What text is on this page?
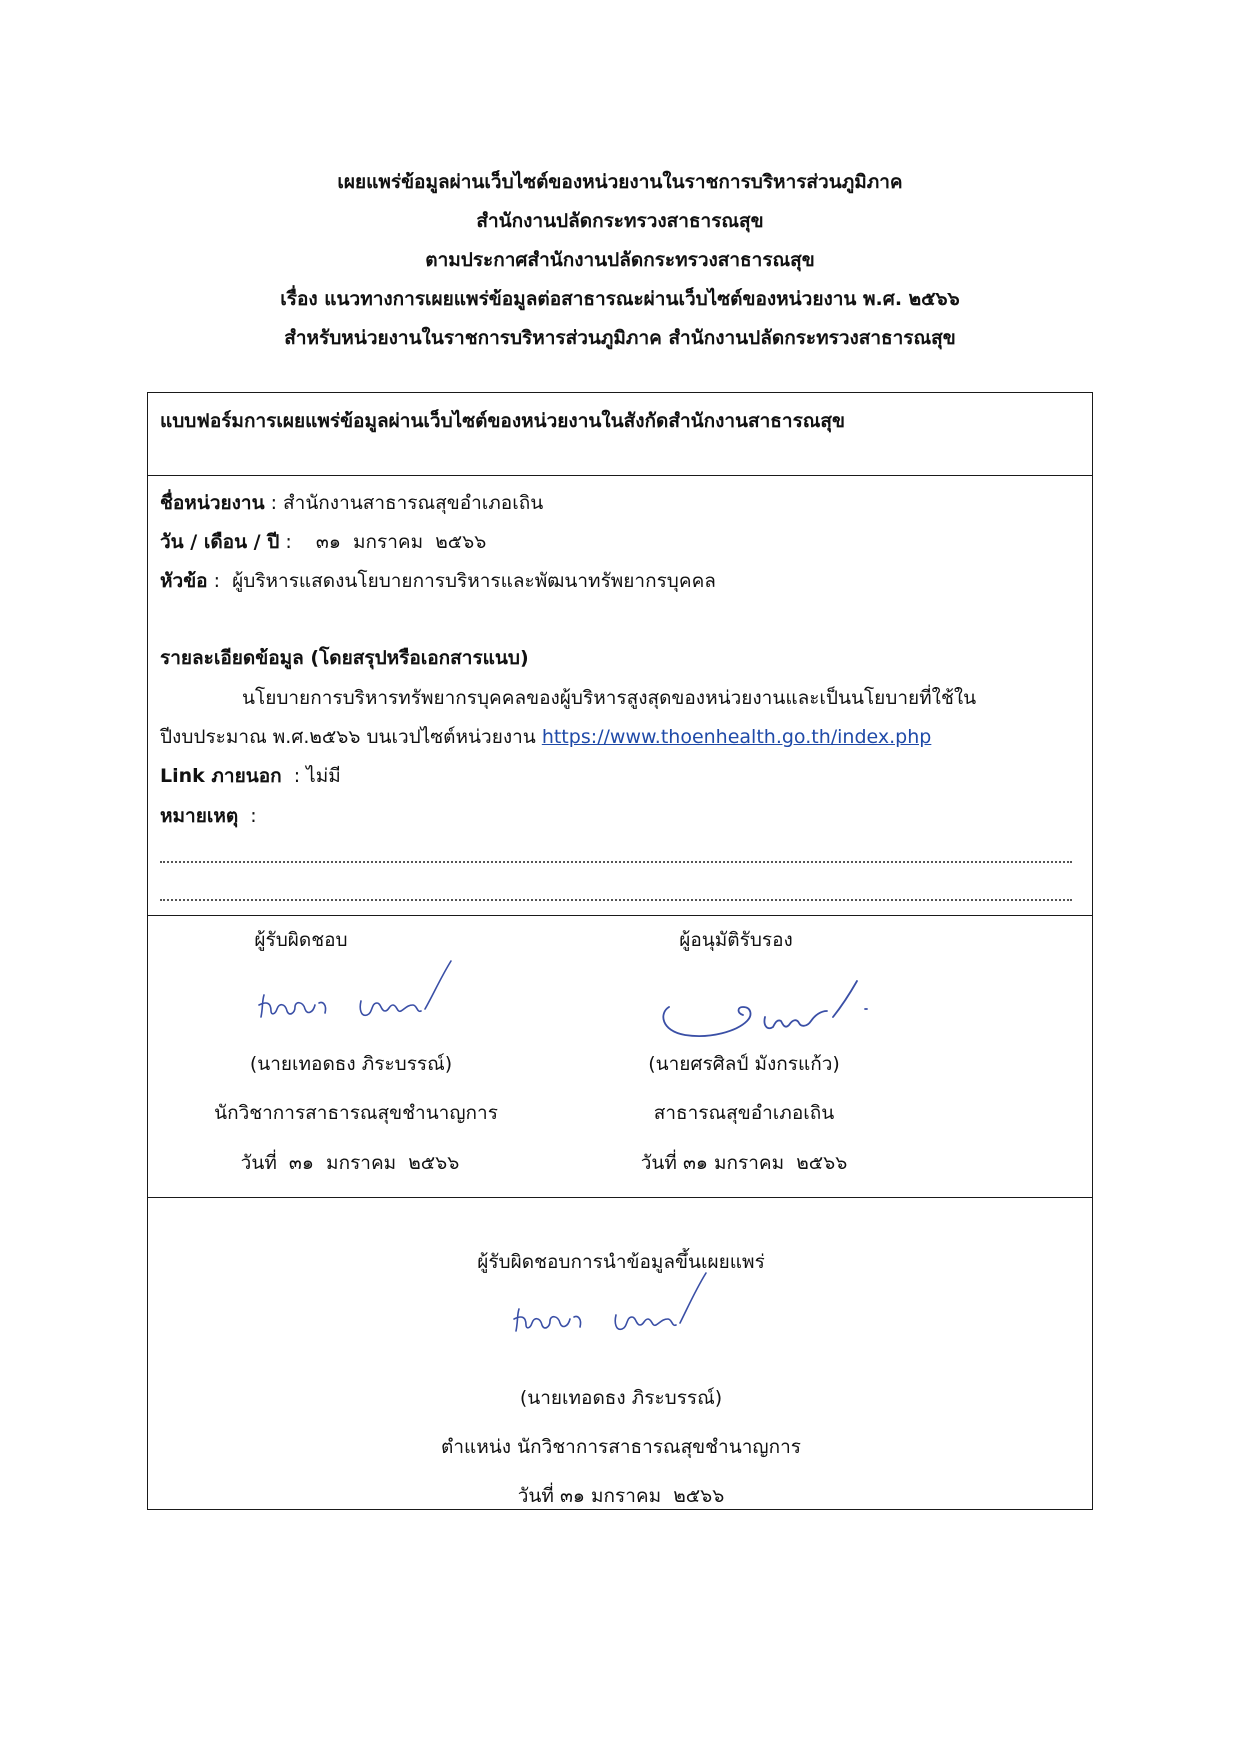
เผยแพร่ข้อมูลผ่านเว็บไซต์ของหน่วยงานในราชการบริหารส่วนภูมิภาค
สำนักงานปลัดกระทรวงสาธารณสุข
ตามประกาศสำนักงานปลัดกระทรวงสาธารณสุข
เรื่อง แนวทางการเผยแพร่ข้อมูลต่อสาธารณะผ่านเว็บไซต์ของหน่วยงาน พ.ศ. ๒๕๖๖
สำหรับหน่วยงานในราชการบริหารส่วนภูมิภาค สำนักงานปลัดกระทรวงสาธารณสุข
แบบฟอร์มการเผยแพร่ข้อมูลผ่านเว็บไซต์ของหน่วยงานในสังกัดสำนักงานสาธารณสุข
ชื่อหน่วยงาน : สำนักงานสาธารณสุขอำเภอเถิน
วัน / เดือน / ปี :    ๓๑  มกราคม  ๒๕๖๖
หัวข้อ :  ผู้บริหารแสดงนโยบายการบริหารและพัฒนาทรัพยากรบุคคล
รายละเอียดข้อมูล (โดยสรุปหรือเอกสารแนบ)
นโยบายการบริหารทรัพยากรบุคคลของผู้บริหารสูงสุดของหน่วยงานและเป็นนโยบายที่ใช้ใน
ปีงบประมาณ พ.ศ.๒๕๖๖ บนเวปไซต์หน่วยงาน https://www.thoenhealth.go.th/index.php
Link ภายนอก  : ไม่มี
หมายเหตุ  :
ผู้รับผิดชอบ
(นายเทอดธง ภิระบรรณ์)
นักวิชาการสาธารณสุขชำนาญการ
วันที่  ๓๑  มกราคม  ๒๕๖๖
ผู้อนุมัติรับรอง
(นายศรศิลป์ มังกรแก้ว)
สาธารณสุขอำเภอเถิน
วันที่ ๓๑ มกราคม  ๒๕๖๖
ผู้รับผิดชอบการนำข้อมูลขึ้นเผยแพร่
(นายเทอดธง ภิระบรรณ์)
ตำแหน่ง นักวิชาการสาธารณสุขชำนาญการ
วันที่ ๓๑ มกราคม  ๒๕๖๖
